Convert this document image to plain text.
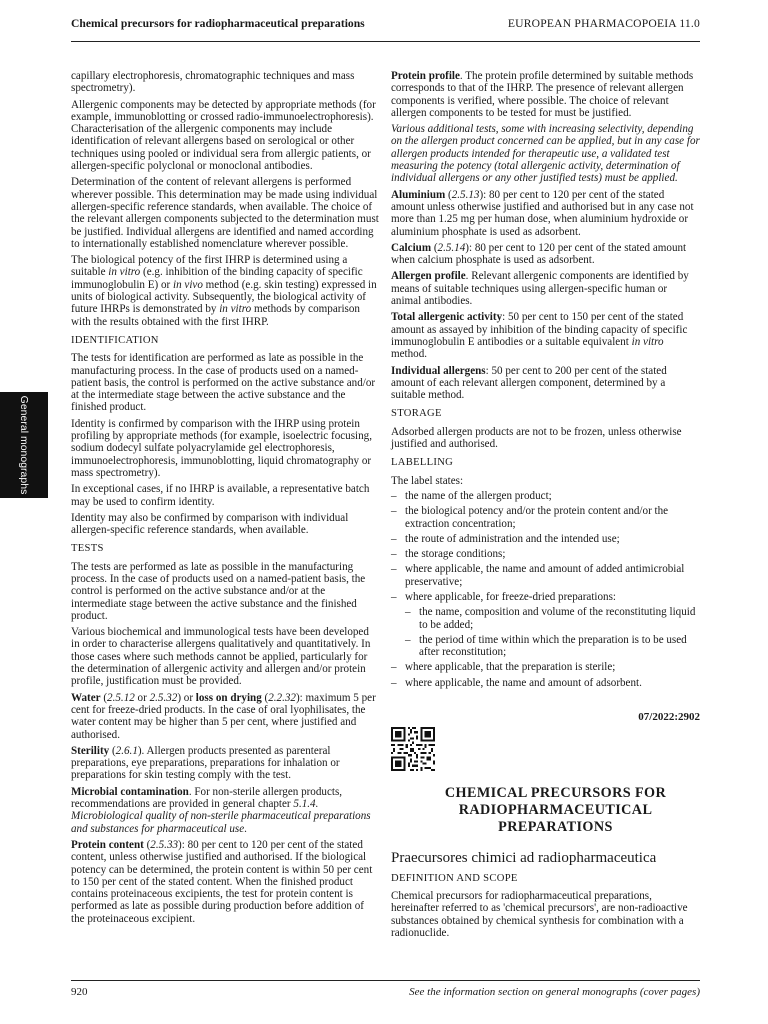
Chemical precursors for radiopharmaceutical preparations	EUROPEAN PHARMACOPOEIA 11.0
General monographs

capillary electrophoresis, chromatographic techniques and mass spectrometry).

Allergenic components may be detected by appropriate methods (for example, immunoblotting or crossed radio-immunoelectrophoresis). Characterisation of the allergenic components may include identification of relevant allergens based on serological or other techniques using pooled or individual sera from allergic patients, or allergen-specific polyclonal or monoclonal antibodies.

Determination of the content of relevant allergens is performed wherever possible. This determination may be made using individual allergen-specific reference standards, when available. The choice of the relevant allergen components subjected to the determination must be justified. Individual allergens are identified and named according to internationally established nomenclature wherever possible.

The biological potency of the first IHRP is determined using a suitable in vitro (e.g. inhibition of the binding capacity of specific immunoglobulin E) or in vivo method (e.g. skin testing) expressed in units of biological activity. Subsequently, the biological activity of future IHRPs is demonstrated by in vitro methods by comparison with the results obtained with the first IHRP.

IDENTIFICATION

The tests for identification are performed as late as possible in the manufacturing process. In the case of products used on a named-patient basis, the control is performed on the active substance and/or at the intermediate stage between the active substance and the finished product.

Identity is confirmed by comparison with the IHRP using protein profiling by appropriate methods (for example, isoelectric focusing, sodium dodecyl sulfate polyacrylamide gel electrophoresis, immunoelectrophoresis, immunoblotting, liquid chromatography or mass spectrometry).

In exceptional cases, if no IHRP is available, a representative batch may be used to confirm identity.

Identity may also be confirmed by comparison with individual allergen-specific reference standards, when available.

TESTS

The tests are performed as late as possible in the manufacturing process. In the case of products used on a named-patient basis, the control is performed on the active substance and/or at the intermediate stage between the active substance and the finished product.

Various biochemical and immunological tests have been developed in order to characterise allergens qualitatively and quantitatively. In those cases where such methods cannot be applied, particularly for the determination of allergenic activity and allergen and/or protein profile, justification must be provided.

Water (2.5.12 or 2.5.32) or loss on drying (2.2.32): maximum 5 per cent for freeze-dried products. In the case of oral lyophilisates, the water content may be higher than 5 per cent, where justified and authorised.

Sterility (2.6.1). Allergen products presented as parenteral preparations, eye preparations, preparations for inhalation or preparations for skin testing comply with the test.

Microbial contamination. For non-sterile allergen products, recommendations are provided in general chapter 5.1.4. Microbiological quality of non-sterile pharmaceutical preparations and substances for pharmaceutical use.

Protein content (2.5.33): 80 per cent to 120 per cent of the stated content, unless otherwise justified and authorised. If the biological potency can be determined, the protein content is within 50 per cent to 150 per cent of the stated content. When the finished product contains proteinaceous excipients, the test for protein content is performed as late as possible during production before addition of the proteinaceous excipient.

Protein profile. The protein profile determined by suitable methods corresponds to that of the IHRP. The presence of relevant allergen components is verified, where possible. The choice of relevant allergen components to be tested for must be justified.

Various additional tests, some with increasing selectivity, depending on the allergen product concerned can be applied, but in any case for allergen products intended for therapeutic use, a validated test measuring the potency (total allergenic activity, determination of individual allergens or any other justified tests) must be applied.

Aluminium (2.5.13): 80 per cent to 120 per cent of the stated amount unless otherwise justified and authorised but in any case not more than 1.25 mg per human dose, when aluminium hydroxide or aluminium phosphate is used as adsorbent.

Calcium (2.5.14): 80 per cent to 120 per cent of the stated amount when calcium phosphate is used as adsorbent.

Allergen profile. Relevant allergenic components are identified by means of suitable techniques using allergen-specific human or animal antibodies.

Total allergenic activity: 50 per cent to 150 per cent of the stated amount as assayed by inhibition of the binding capacity of specific immunoglobulin E antibodies or a suitable equivalent in vitro method.

Individual allergens: 50 per cent to 200 per cent of the stated amount of each relevant allergen component, determined by a suitable method.

STORAGE

Adsorbed allergen products are not to be frozen, unless otherwise justified and authorised.

LABELLING

The label states:

– the name of the allergen product;
– the biological potency and/or the protein content and/or the extraction concentration;
– the route of administration and the intended use;
– the storage conditions;
– where applicable, the name and amount of added antimicrobial preservative;
– where applicable, for freeze-dried preparations:
– the name, composition and volume of the reconstituting liquid to be added;
– the period of time within which the preparation is to be used after reconstitution;
– where applicable, that the preparation is sterile;
– where applicable, the name and amount of adsorbent.
07/2022:2902
CHEMICAL PRECURSORS FOR RADIOPHARMACEUTICAL PREPARATIONS
Praecursores chimici ad radiopharmaceutica
DEFINITION AND SCOPE

Chemical precursors for radiopharmaceutical preparations, hereinafter referred to as 'chemical precursors', are non-radioactive substances obtained by chemical synthesis for combination with a radionuclide.

920	See the information section on general monographs (cover pages)
